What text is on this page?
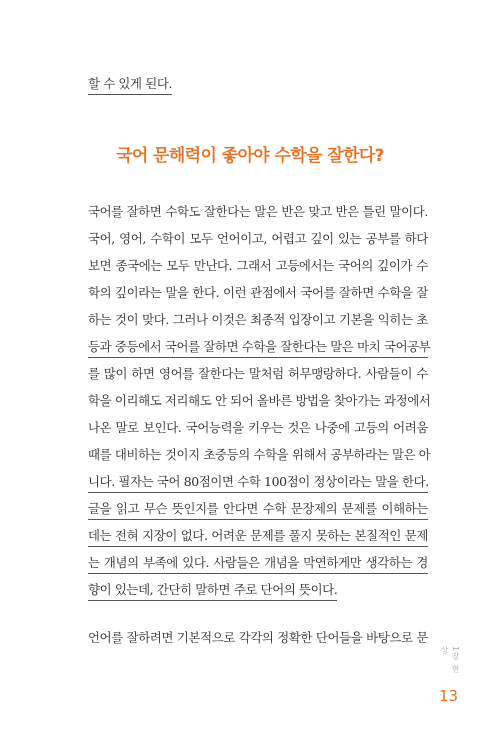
할 수 있게 된다.
국어 문해력이 좋아야 수학을 잘한다?
국어를 잘하면 수학도 잘한다는 말은 반은 맞고 반은 틀린 말이다.
국어, 영어, 수학이 모두 언어이고, 어렵고 깊이 있는 공부를 하다
보면 종국에는 모두 만난다. 그래서 고등에서는 국어의 깊이가 수
학의 깊이라는 말을 한다. 이런 관점에서 국어를 잘하면 수학을 잘
하는 것이 맞다. 그러나 이것은 최종적 입장이고 기본을 익히는 초
등과 중등에서 국어를 잘하면 수학을 잘한다는 말은 마치 국어공부
를 많이 하면 영어를 잘한다는 말처럼 허무맹랑하다. 사람들이 수
학을 이리해도 저리해도 안 되어 올바른 방법을 찾아가는 과정에서
나온 말로 보인다. 국어능력을 키우는 것은 나중에 고등의 어려움
때를 대비하는 것이지 초중등의 수학을 위해서 공부하라는 말은 아
니다. 필자는 국어 80점이면 수학 100점이 정상이라는 말을 한다.
글을 읽고 무슨 뜻인지를 안다면 수학 문장제의 문제를 이해하는
데는 전혀 지장이 없다. 어려운 문제를 풀지 못하는 본질적인 문제
는 개념의 부족에 있다. 사람들은 개념을 막연하게만 생각하는 경
향이 있는데, 간단히 말하면 주로 단어의 뜻이다.
언어를 잘하려면 기본적으로 각각의 정확한 단어들을 바탕으로 문
1장 현상
13
